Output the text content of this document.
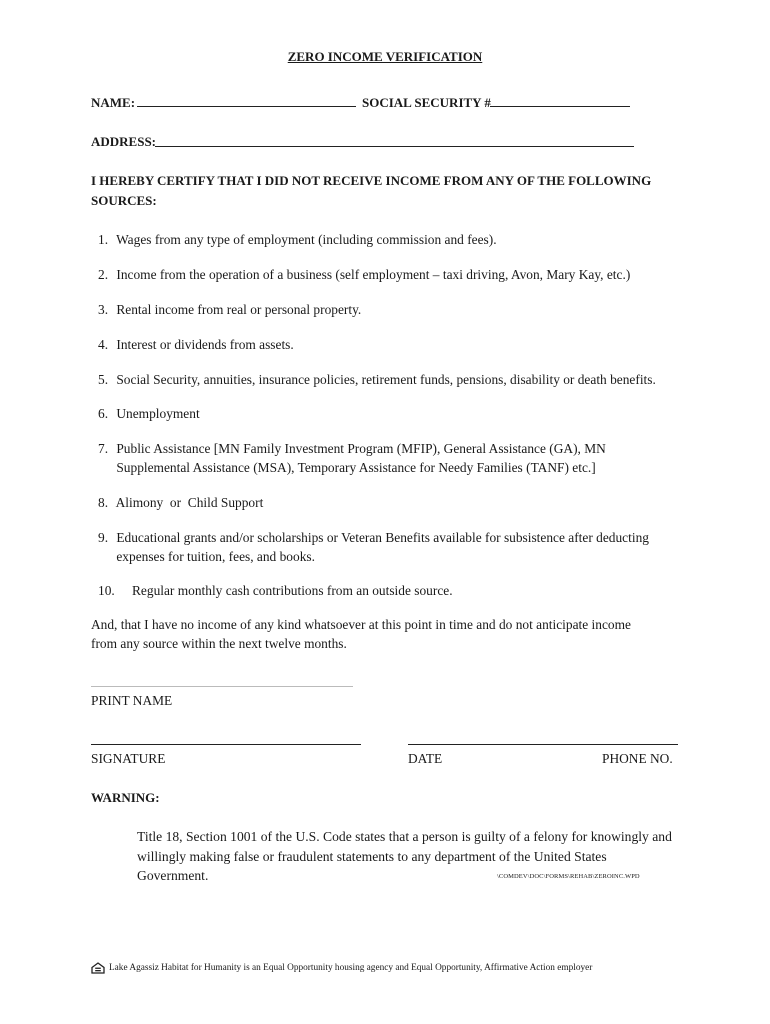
ZERO INCOME VERIFICATION
NAME:	SOCIAL SECURITY #
ADDRESS:
I HEREBY CERTIFY THAT I DID NOT RECEIVE INCOME FROM ANY OF THE FOLLOWING
SOURCES:
1. Wages from any type of employment (including commission and fees).
2. Income from the operation of a business (self employment – taxi driving, Avon, Mary Kay, etc.)
3. Rental income from real or personal property.
4. Interest or dividends from assets.
5. Social Security, annuities, insurance policies, retirement funds, pensions, disability or death benefits.
6. Unemployment
7. Public Assistance [MN Family Investment Program (MFIP), General Assistance (GA), MN
Supplemental Assistance (MSA), Temporary Assistance for Needy Families (TANF) etc.]
8. Alimony  or  Child Support
9. Educational grants and/or scholarships or Veteran Benefits available for subsistence after deducting
expenses for tuition, fees, and books.
10. Regular monthly cash contributions from an outside source.
And, that I have no income of any kind whatsoever at this point in time and do not anticipate income
from any source within the next twelve months.
PRINT NAME
SIGNATURE	DATE	PHONE NO.
WARNING:
Title 18, Section 1001 of the U.S. Code states that a person is guilty of a felony for knowingly and
willingly making false or fraudulent statements to any department of the United States
Government.	\COMDEV\DOC\FORMS\REHAB\ZEROINC.WPD
Lake Agassiz Habitat for Humanity is an Equal Opportunity housing agency and Equal Opportunity, Affirmative Action employer
